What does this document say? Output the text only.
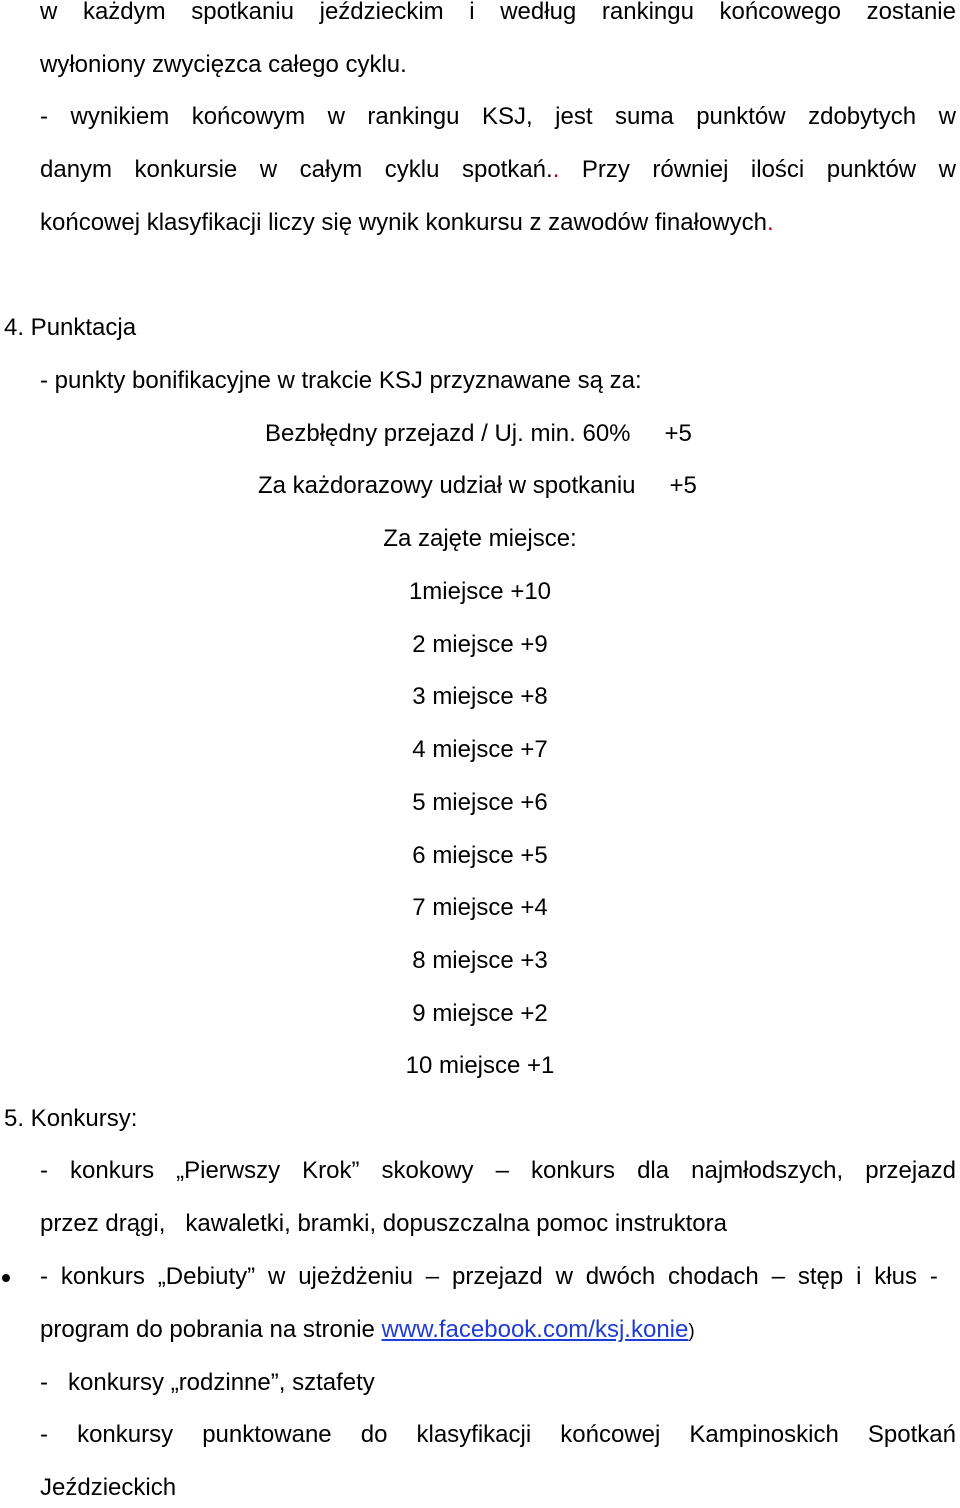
w każdym spotkaniu jeździeckim i według rankingu końcowego zostanie
wyłoniony zwycięzca całego cyklu.
- wynikiem końcowym w rankingu KSJ, jest suma punktów zdobytych w
danym konkursie w całym cyklu spotkań.. Przy równiej ilości punktów w
końcowej klasyfikacji liczy się wynik konkursu z zawodów finałowych.
4. Punktacja
- punkty bonifikacyjne w trakcie KSJ przyznawane są za:
Bezbłędny przejazd / Uj. min. 60% +5
Za każdorazowy udział w spotkaniu +5
Za zajęte miejsce:
1miejsce +10
2 miejsce +9
3 miejsce +8
4 miejsce +7
5 miejsce +6
6 miejsce +5
7 miejsce +4
8 miejsce +3
9 miejsce +2
10 miejsce +1
5. Konkursy:
- konkurs „Pierwszy Krok” skokowy – konkurs dla najmłodszych, przejazd
przez drągi,   kawaletki, bramki, dopuszczalna pomoc instruktora
- konkurs „Debiuty” w ujeżdżeniu – przejazd w dwóch chodach – stęp i kłus -
program do pobrania na stronie www.facebook.com/ksj.konie)
-   konkursy „rodzinne”, sztafety
- konkursy punktowane do klasyfikacji końcowej Kampinoskich Spotkań
Jeździeckich
